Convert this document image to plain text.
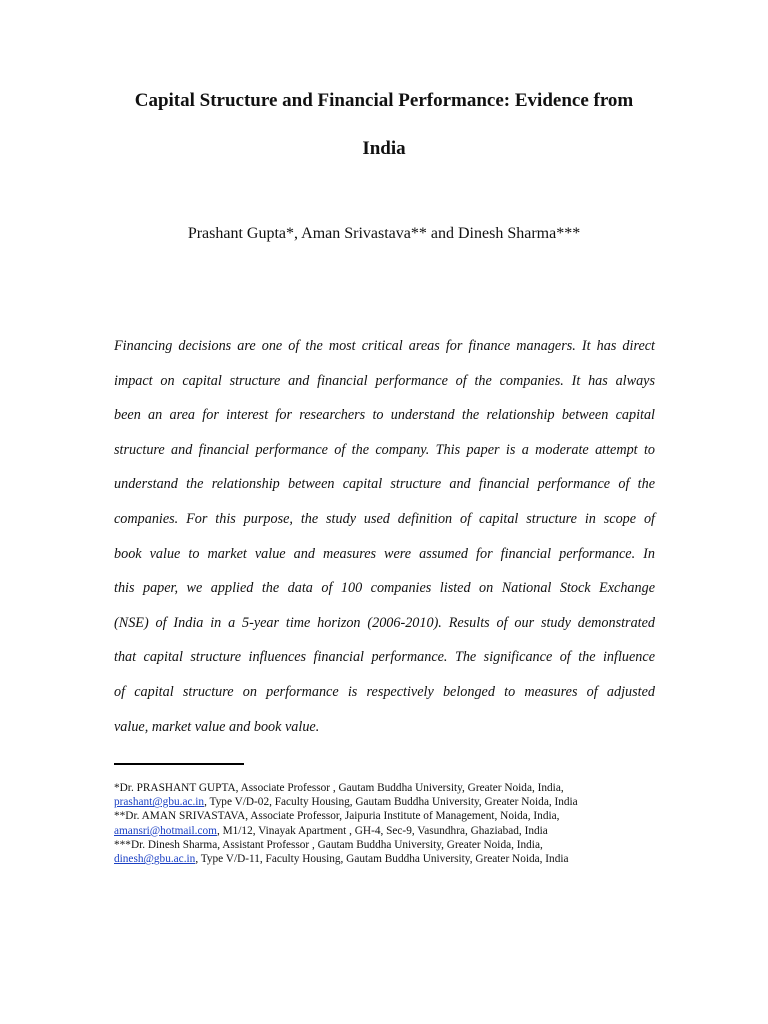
Capital Structure and Financial Performance: Evidence from
India

Prashant Gupta*, Aman Srivastava** and Dinesh Sharma***

Financing decisions are one of the most critical areas for finance managers. It has direct
impact on capital structure and financial performance of the companies. It has always
been an area for interest for researchers to understand the relationship between capital
structure and financial performance of the company. This paper is a moderate attempt to
understand the relationship between capital structure and financial performance of the
companies. For this purpose, the study used definition of capital structure in scope of
book value to market value and measures were assumed for financial performance. In
this paper, we applied the data of 100 companies listed on National Stock Exchange
(NSE) of India in a 5-year time horizon (2006-2010). Results of our study demonstrated
that capital structure influences financial performance. The significance of the influence
of capital structure on performance is respectively belonged to measures of adjusted
value, market value and book value.
*Dr. PRASHANT GUPTA, Associate Professor , Gautam Buddha University, Greater Noida, India,
prashant@gbu.ac.in, Type V/D-02, Faculty Housing, Gautam Buddha University, Greater Noida, India
**Dr. AMAN SRIVASTAVA, Associate Professor, Jaipuria Institute of Management, Noida, India,
amansri@hotmail.com, M1/12, Vinayak Apartment , GH-4, Sec-9, Vasundhra, Ghaziabad, India
***Dr. Dinesh Sharma, Assistant Professor , Gautam Buddha University, Greater Noida, India,
dinesh@gbu.ac.in, Type V/D-11, Faculty Housing, Gautam Buddha University, Greater Noida, India
